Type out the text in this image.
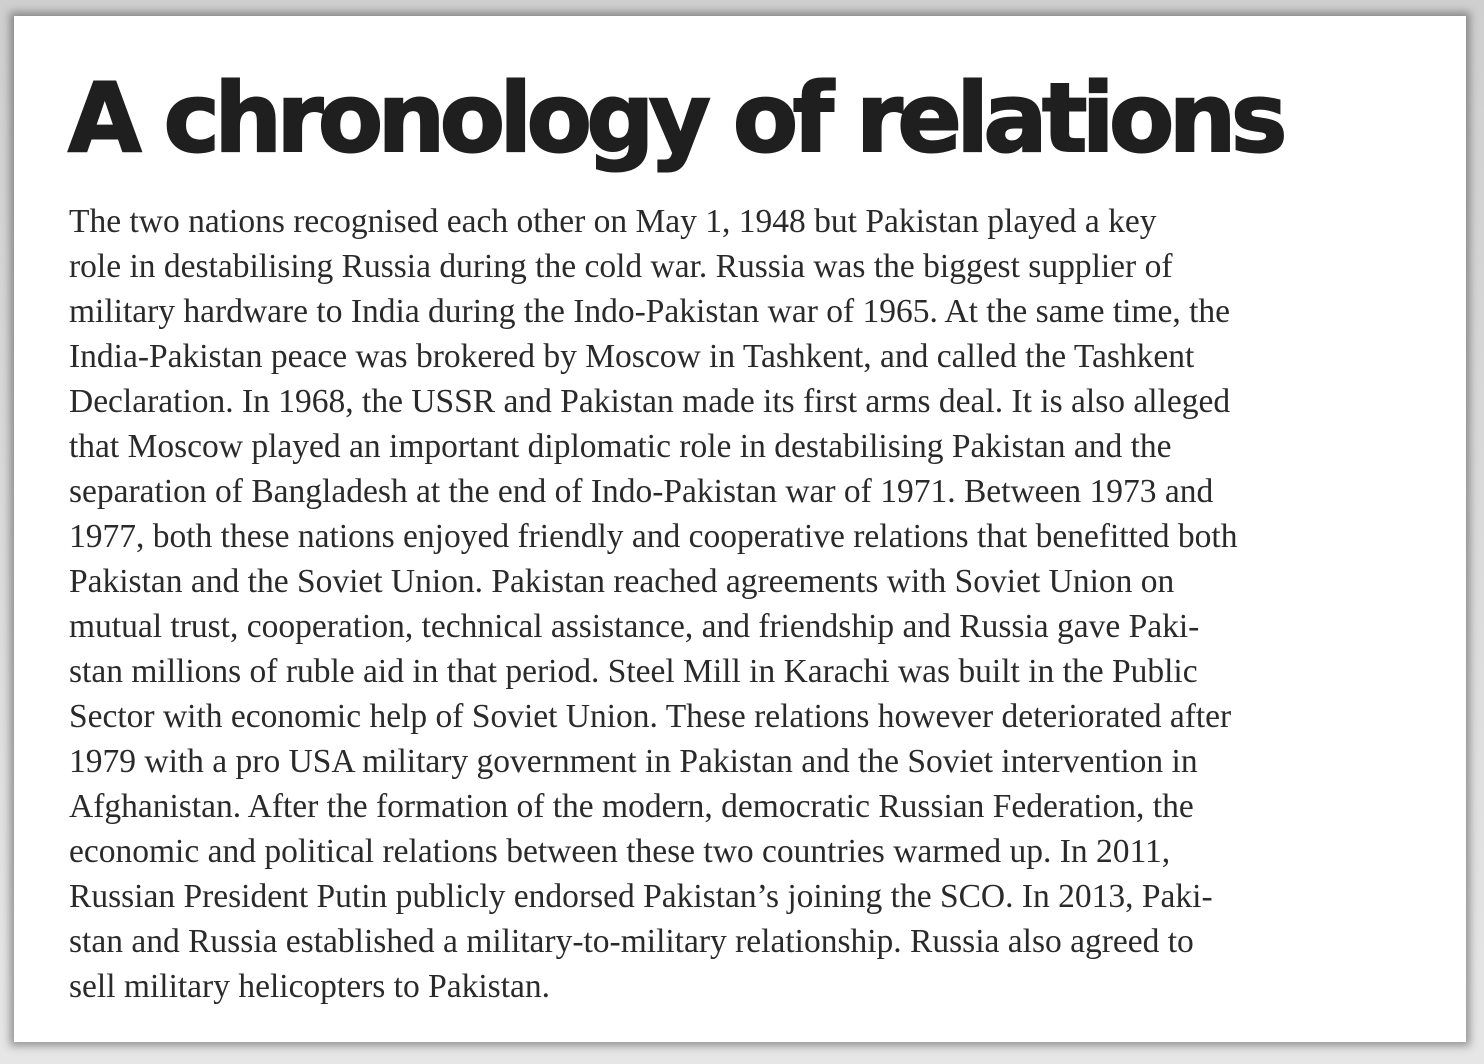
A chronology of relations

The two nations recognised each other on May 1, 1948 but Pakistan played a key
role in destabilising Russia during the cold war. Russia was the biggest supplier of
military hardware to India during the Indo-Pakistan war of 1965. At the same time, the
India-Pakistan peace was brokered by Moscow in Tashkent, and called the Tashkent
Declaration. In 1968, the USSR and Pakistan made its first arms deal. It is also alleged
that Moscow played an important diplomatic role in destabilising Pakistan and the
separation of Bangladesh at the end of Indo-Pakistan war of 1971. Between 1973 and
1977, both these nations enjoyed friendly and cooperative relations that benefitted both
Pakistan and the Soviet Union. Pakistan reached agreements with Soviet Union on
mutual trust, cooperation, technical assistance, and friendship and Russia gave Paki-
stan millions of ruble aid in that period. Steel Mill in Karachi was built in the Public
Sector with economic help of Soviet Union. These relations however deteriorated after
1979 with a pro USA military government in Pakistan and the Soviet intervention in
Afghanistan. After the formation of the modern, democratic Russian Federation, the
economic and political relations between these two countries warmed up. In 2011,
Russian President Putin publicly endorsed Pakistan’s joining the SCO. In 2013, Paki-
stan and Russia established a military-to-military relationship. Russia also agreed to
sell military helicopters to Pakistan.
